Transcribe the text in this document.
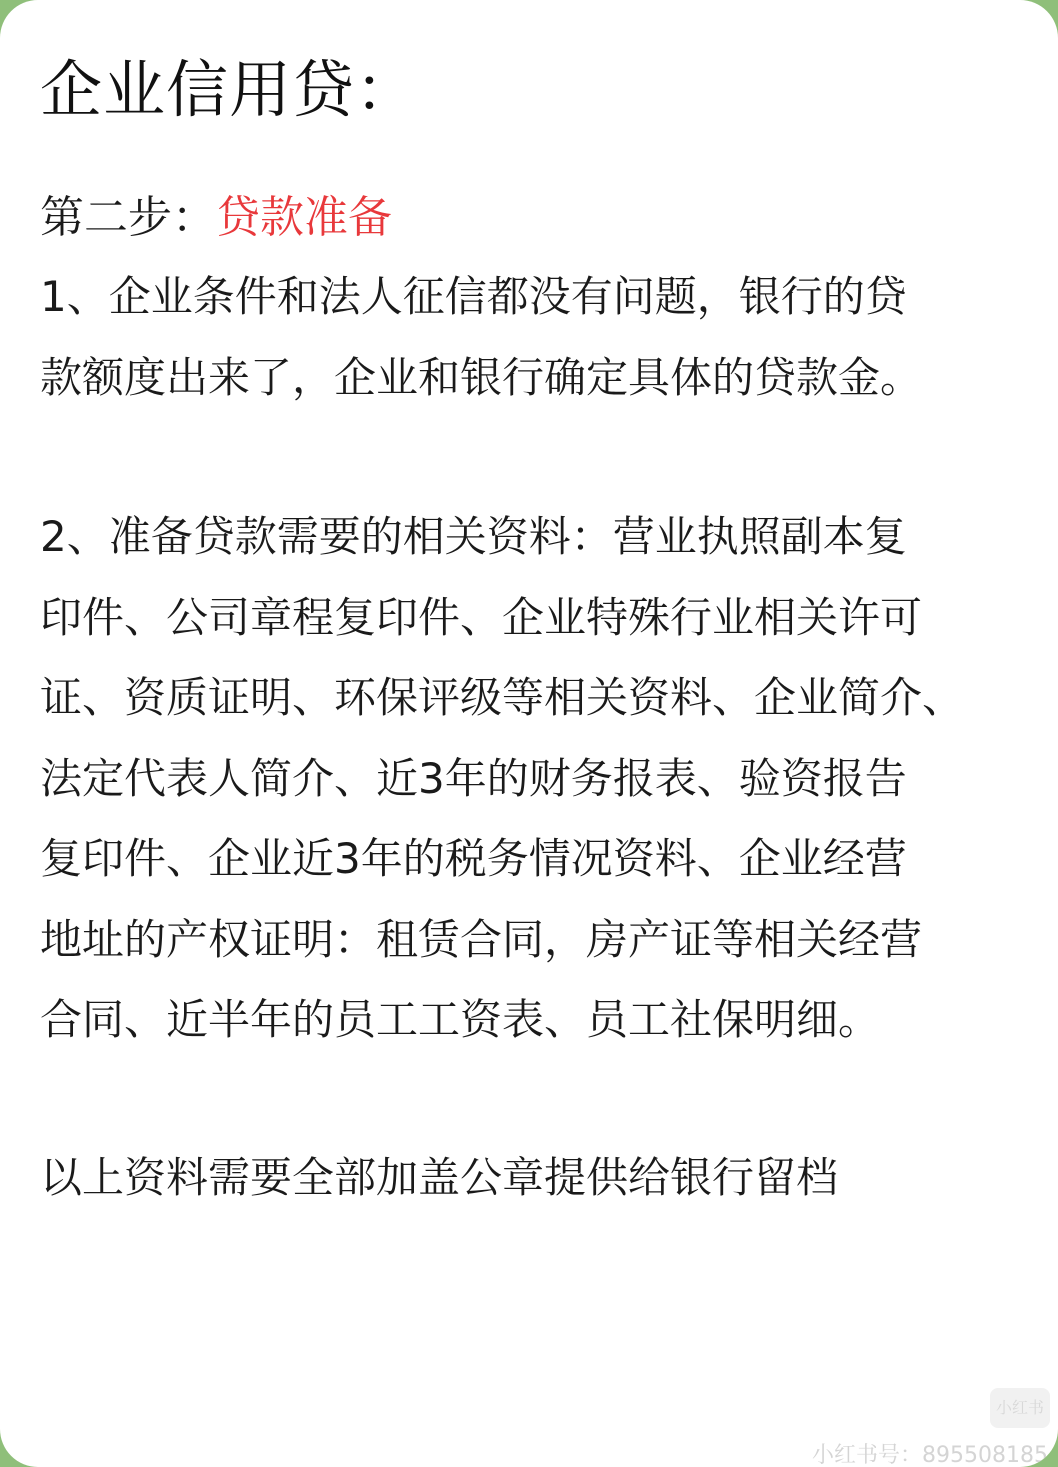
企业信用贷：
第二步：贷款准备

1、企业条件和法人征信都没有问题，银行的贷
款额度出来了，企业和银行确定具体的贷款金。

2、准备贷款需要的相关资料：营业执照副本复
印件、公司章程复印件、企业特殊行业相关许可
证、资质证明、环保评级等相关资料、企业简介、
法定代表人简介、近3年的财务报表、验资报告
复印件、企业近3年的税务情况资料、企业经营
地址的产权证明：租赁合同，房产证等相关经营
合同、近半年的员工工资表、员工社保明细。

以上资料需要全部加盖公章提供给银行留档

小红书
小红书号：895508185
